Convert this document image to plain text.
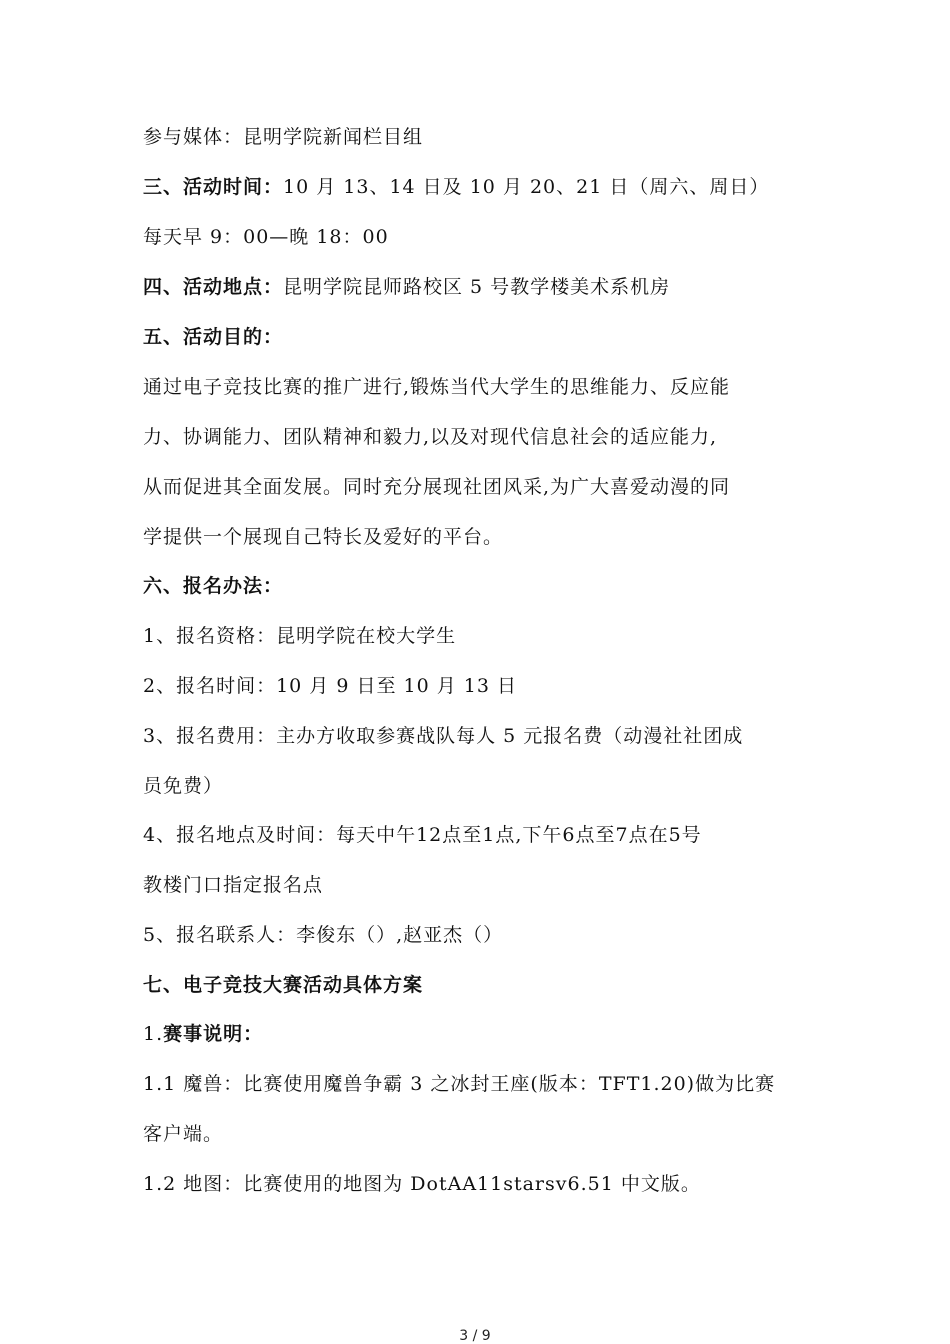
参与媒体：昆明学院新闻栏目组
三、活动时间：10 月 13、14 日及 10 月 20、21 日（周六、周日）
每天早 9：00—晚 18：00
四、活动地点：昆明学院昆师路校区 5 号教学楼美术系机房
五、活动目的：
通过电子竞技比赛的推广进行,锻炼当代大学生的思维能力、反应能
力、协调能力、团队精神和毅力,以及对现代信息社会的适应能力,
从而促进其全面发展。同时充分展现社团风采,为广大喜爱动漫的同
学提供一个展现自己特长及爱好的平台。
六、报名办法：
1、报名资格：昆明学院在校大学生
2、报名时间：10 月 9 日至 10 月 13 日
3、报名费用：主办方收取参赛战队每人 5 元报名费（动漫社社团成
员免费）
4、报名地点及时间：每天中午12点至1点,下午6点至7点在5号
教楼门口指定报名点
5、报名联系人：李俊东（）,赵亚杰（）
七、电子竞技大赛活动具体方案
1.赛事说明：
1.1 魔兽：比赛使用魔兽争霸 3 之冰封王座(版本：TFT1.20)做为比赛
客户端。
1.2 地图：比赛使用的地图为 DotAA11starsv6.51 中文版。
3 / 9
